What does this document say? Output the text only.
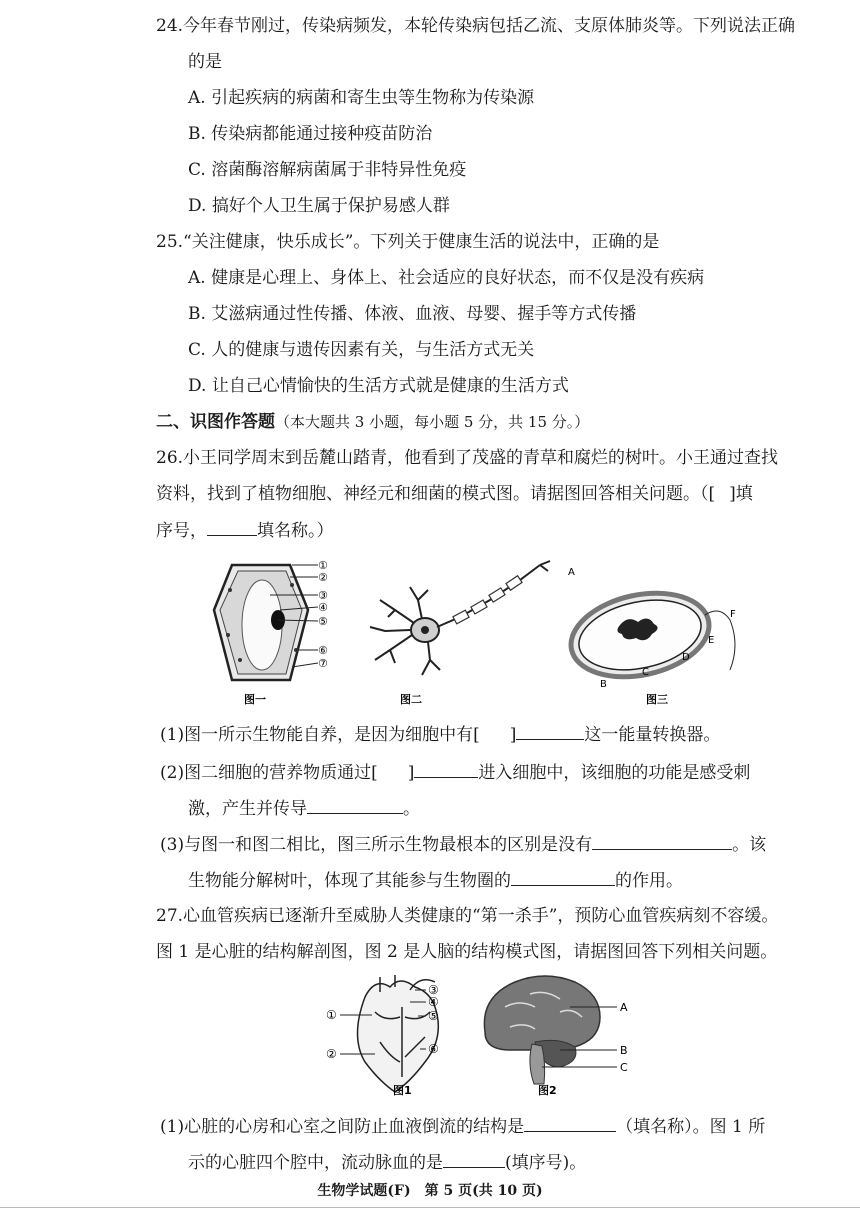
24.今年春节刚过，传染病频发，本轮传染病包括乙流、支原体肺炎等。下列说法正确
的是
A. 引起疾病的病菌和寄生虫等生物称为传染源
B. 传染病都能通过接种疫苗防治
C. 溶菌酶溶解病菌属于非特异性免疫
D. 搞好个人卫生属于保护易感人群
25.“关注健康，快乐成长”。下列关于健康生活的说法中，正确的是
A. 健康是心理上、身体上、社会适应的良好状态，而不仅是没有疾病
B. 艾滋病通过性传播、体液、血液、母婴、握手等方式传播
C. 人的健康与遗传因素有关，与生活方式无关
D. 让自己心情愉快的生活方式就是健康的生活方式
二、识图作答题（本大题共 3 小题，每小题 5 分，共 15 分。）
26.小王同学周末到岳麓山踏青，他看到了茂盛的青草和腐烂的树叶。小王通过查找
资料，找到了植物细胞、神经元和细菌的模式图。请据图回答相关问题。（[ ]填
序号，	填名称。）
①
②
③
④
⑤
⑥
⑦
A
F
E
D
C
B
图一	图二	图三
(1)图一所示生物能自养，是因为细胞中有[ ]	这一能量转换器。
(2)图二细胞的营养物质通过[ ]	进入细胞中，该细胞的功能是感受刺
激，产生并传导	。
(3)与图一和图二相比，图三所示生物最根本的区别是没有	。该
生物能分解树叶，体现了其能参与生物圈的	的作用。
27.心血管疾病已逐渐升至威胁人类健康的“第一杀手”，预防心血管疾病刻不容缓。
图 1 是心脏的结构解剖图，图 2 是人脑的结构模式图，请据图回答下列相关问题。
③
④
①	⑤
②	⑥
A
B
C
图1	图2
(1)心脏的心房和心室之间防止血液倒流的结构是	（填名称）。图 1 所
示的心脏四个腔中，流动脉血的是	(填序号)。
生物学试题(F)　第 5 页(共 10 页)
